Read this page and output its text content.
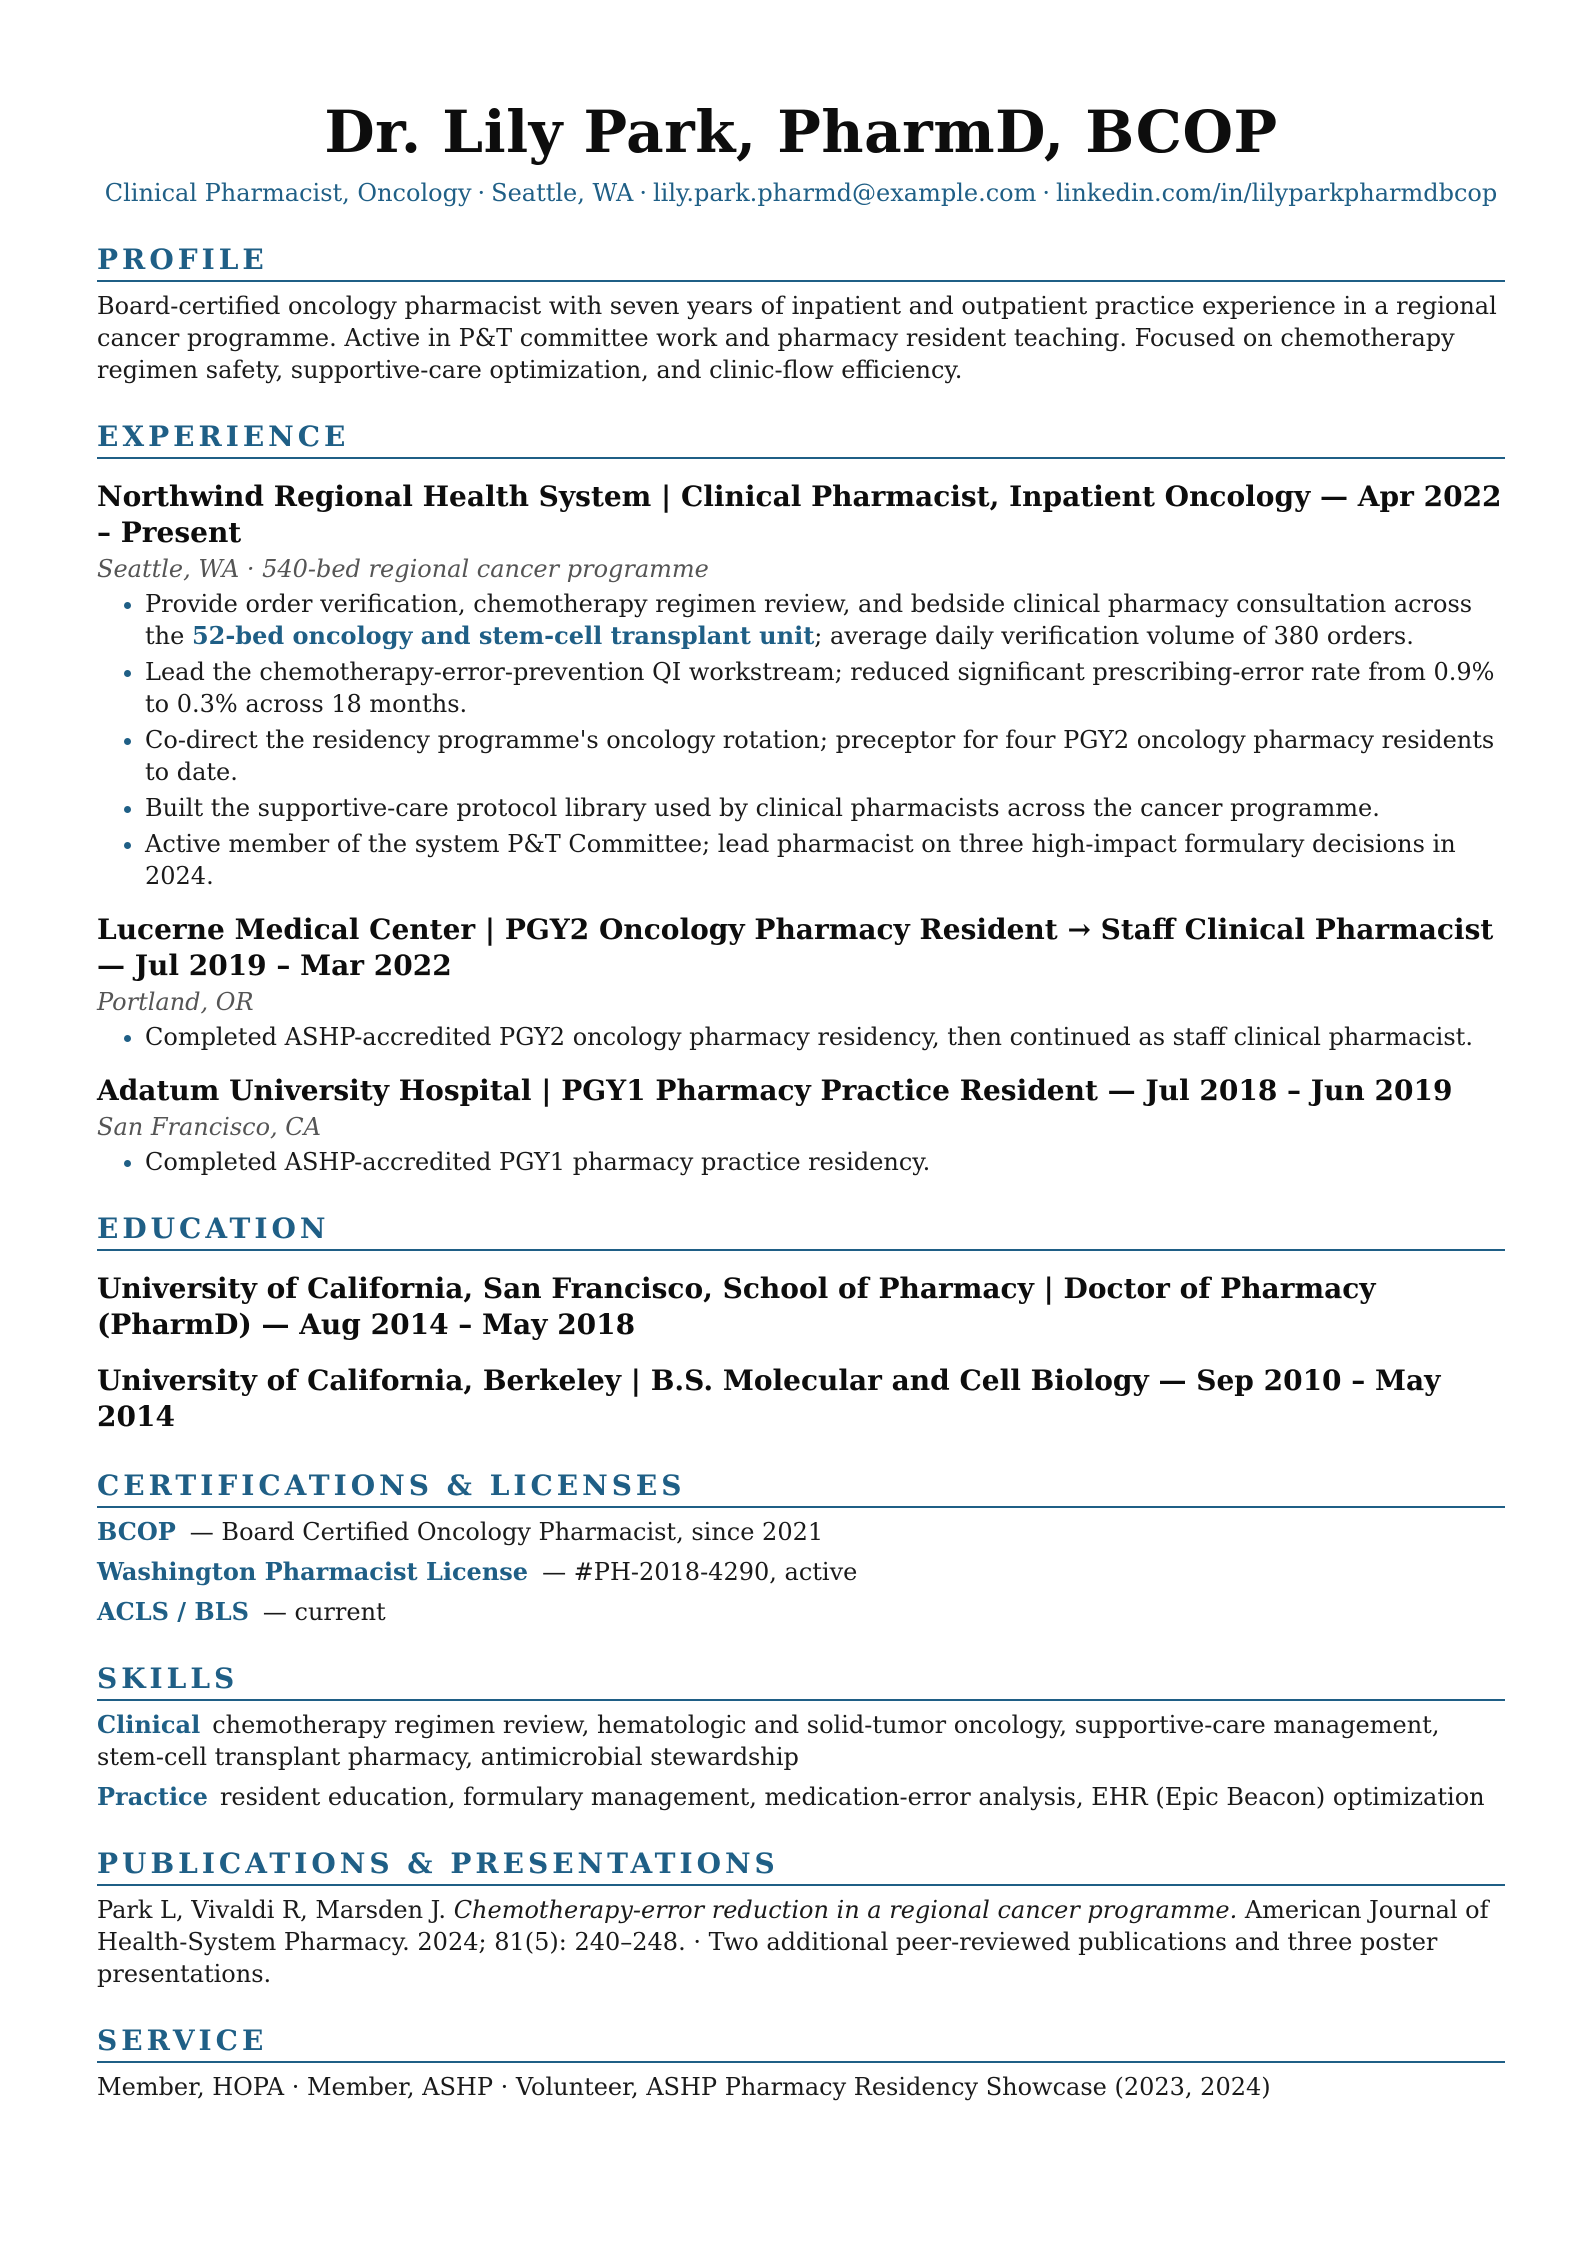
Dr. Lily Park, PharmD, BCOP
Clinical Pharmacist, Oncology · Seattle, WA · lily.park.pharmd@example.com · linkedin.com/in/lilyparkpharmdbcop
PROFILE
Board-certified oncology pharmacist with seven years of inpatient and outpatient practice experience in a regional cancer programme. Active in P&T committee work and pharmacy resident teaching. Focused on chemotherapy regimen safety, supportive-care optimization, and clinic-flow efficiency.
EXPERIENCE
Northwind Regional Health System | Clinical Pharmacist, Inpatient Oncology — Apr 2022 – Present
Seattle, WA · 540-bed regional cancer programme
• Provide order verification, chemotherapy regimen review, and bedside clinical pharmacy consultation across the 52-bed oncology and stem-cell transplant unit; average daily verification volume of 380 orders.
• Lead the chemotherapy-error-prevention QI workstream; reduced significant prescribing-error rate from 0.9% to 0.3% across 18 months.
• Co-direct the residency programme's oncology rotation; preceptor for four PGY2 oncology pharmacy residents to date.
• Built the supportive-care protocol library used by clinical pharmacists across the cancer programme.
• Active member of the system P&T Committee; lead pharmacist on three high-impact formulary decisions in 2024.
Lucerne Medical Center | PGY2 Oncology Pharmacy Resident → Staff Clinical Pharmacist — Jul 2019 – Mar 2022
Portland, OR
• Completed ASHP-accredited PGY2 oncology pharmacy residency, then continued as staff clinical pharmacist.
Adatum University Hospital | PGY1 Pharmacy Practice Resident — Jul 2018 – Jun 2019
San Francisco, CA
• Completed ASHP-accredited PGY1 pharmacy practice residency.
EDUCATION
University of California, San Francisco, School of Pharmacy | Doctor of Pharmacy (PharmD) — Aug 2014 – May 2018
University of California, Berkeley | B.S. Molecular and Cell Biology — Sep 2010 – May 2014
CERTIFICATIONS & LICENSES
BCOP — Board Certified Oncology Pharmacist, since 2021
Washington Pharmacist License — #PH-2018-4290, active
ACLS / BLS — current
SKILLS
Clinical chemotherapy regimen review, hematologic and solid-tumor oncology, supportive-care management, stem-cell transplant pharmacy, antimicrobial stewardship
Practice resident education, formulary management, medication-error analysis, EHR (Epic Beacon) optimization
PUBLICATIONS & PRESENTATIONS
Park L, Vivaldi R, Marsden J. Chemotherapy-error reduction in a regional cancer programme. American Journal of Health-System Pharmacy. 2024; 81(5): 240–248. · Two additional peer-reviewed publications and three poster presentations.
SERVICE
Member, HOPA · Member, ASHP · Volunteer, ASHP Pharmacy Residency Showcase (2023, 2024)
